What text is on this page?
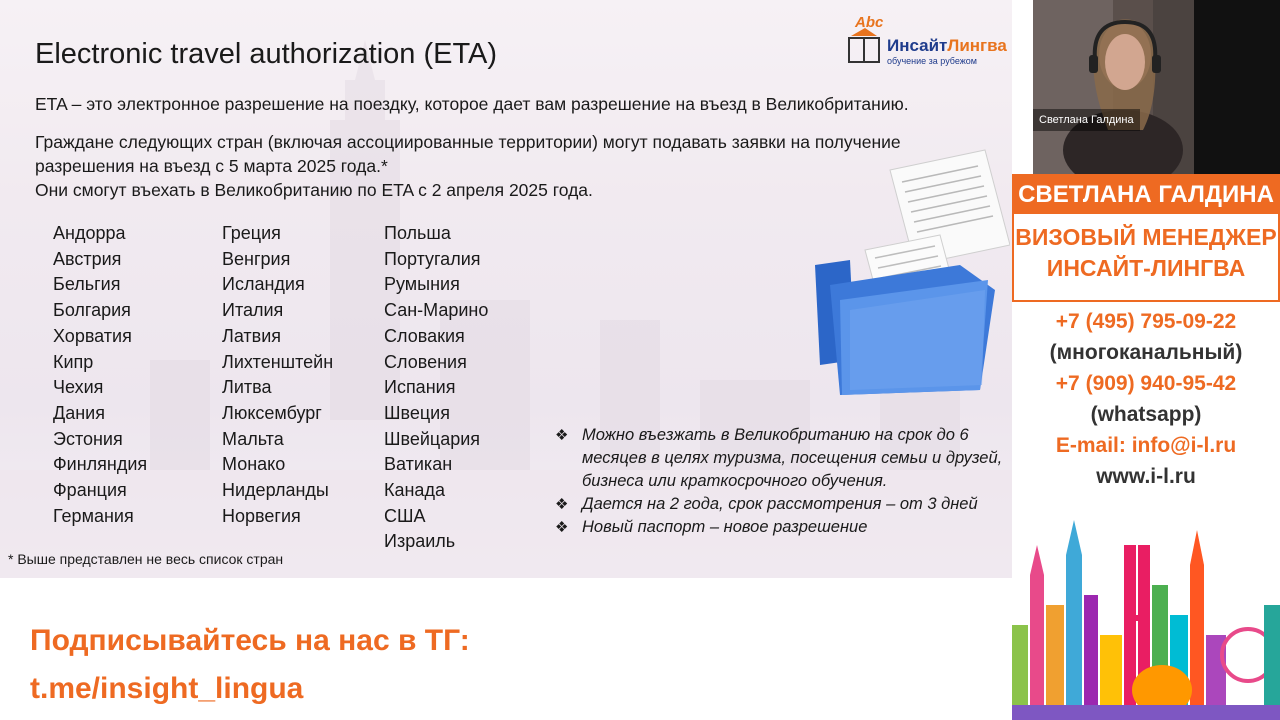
Abc
ИнсайтЛингва
обучение за рубежом
Electronic travel authorization (ETA)
ETA – это электронное разрешение на поездку, которое дает вам разрешение на въезд в Великобританию.
Граждане следующих стран (включая ассоциированные территории) могут подавать заявки на получение
разрешения на въезд с 5 марта 2025 года.*
Они смогут въехать в Великобританию по ETA с 2 апреля 2025 года.
Андорра
Австрия
Бельгия
Болгария
Хорватия
Кипр
Чехия
Дания
Эстония
Финляндия
Франция
Германия
Греция
Венгрия
Исландия
Италия
Латвия
Лихтенштейн
Литва
Люксембург
Мальта
Монако
Нидерланды
Норвегия
Польша
Португалия
Румыния
Сан-Марино
Словакия
Словения
Испания
Швеция
Швейцария
Ватикан
Канада
США
Израиль
❖ Можно въезжать в Великобританию на срок до 6 месяцев в целях туризма, посещения семьи и друзей, бизнеса или краткосрочного обучения.
❖ Дается на 2 года, срок рассмотрения – от 3 дней
❖ Новый паспорт – новое разрешение
* Выше представлен не весь список стран
Подписывайтесь на нас в ТГ:
t.me/insight_lingua
Светлана Галдина
СВЕТЛАНА ГАЛДИНА
ВИЗОВЫЙ МЕНЕДЖЕР
ИНСАЙТ-ЛИНГВА
+7 (495) 795-09-22
(многоканальный)
+7 (909) 940-95-42
(whatsapp)
E-mail: info@i-l.ru
www.i-l.ru
